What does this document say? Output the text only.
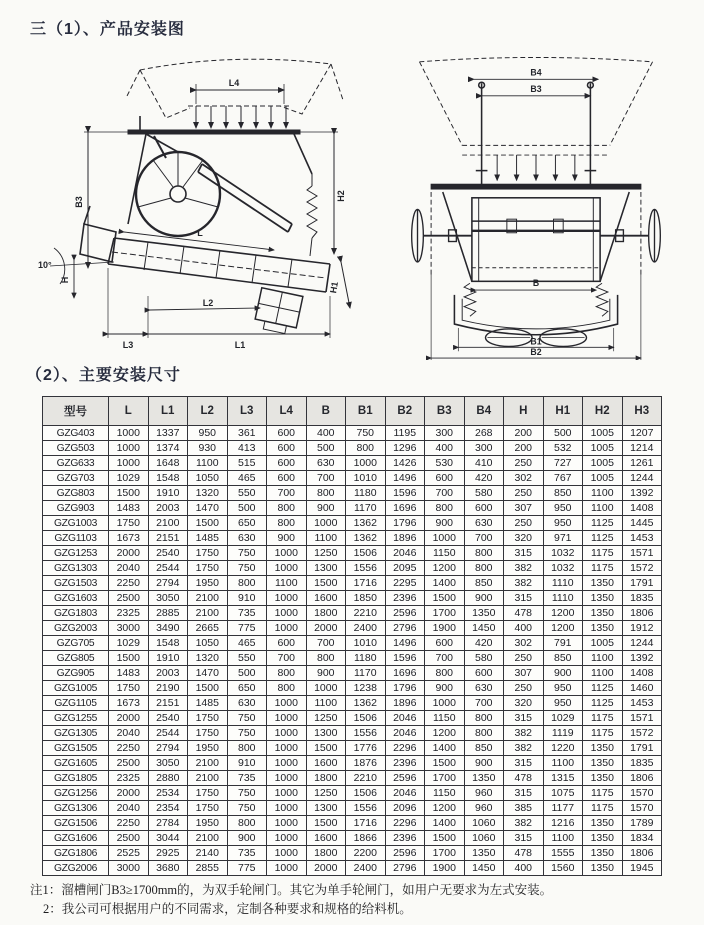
三（1）、产品安装图
L4
B3
H2
H1
L
10°
H
L2
L3	L1
B4
B3
B
B1
B2
（2）、主要安装尺寸
型号	L	L1	L2	L3	L4	B	B1	B2	B3	B4	H	H1	H2	H3
GZG403	1000	1337	950	361	600	400	750	1195	300	268	200	500	1005	1207
GZG503	1000	1374	930	413	600	500	800	1296	400	300	200	532	1005	1214
GZG633	1000	1648	1100	515	600	630	1000	1426	530	410	250	727	1005	1261
GZG703	1029	1548	1050	465	600	700	1010	1496	600	420	302	767	1005	1244
GZG803	1500	1910	1320	550	700	800	1180	1596	700	580	250	850	1100	1392
GZG903	1483	2003	1470	500	800	900	1170	1696	800	600	307	950	1100	1408
GZG1003	1750	2100	1500	650	800	1000	1362	1796	900	630	250	950	1125	1445
GZG1103	1673	2151	1485	630	900	1100	1362	1896	1000	700	320	971	1125	1453
GZG1253	2000	2540	1750	750	1000	1250	1506	2046	1150	800	315	1032	1175	1571
GZG1303	2040	2544	1750	750	1000	1300	1556	2095	1200	800	382	1032	1175	1572
GZG1503	2250	2794	1950	800	1100	1500	1716	2295	1400	850	382	1110	1350	1791
GZG1603	2500	3050	2100	910	1000	1600	1850	2396	1500	900	315	1110	1350	1835
GZG1803	2325	2885	2100	735	1000	1800	2210	2596	1700	1350	478	1200	1350	1806
GZG2003	3000	3490	2665	775	1000	2000	2400	2796	1900	1450	400	1200	1350	1912
GZG705	1029	1548	1050	465	600	700	1010	1496	600	420	302	791	1005	1244
GZG805	1500	1910	1320	550	700	800	1180	1596	700	580	250	850	1100	1392
GZG905	1483	2003	1470	500	800	900	1170	1696	800	600	307	900	1100	1408
GZG1005	1750	2190	1500	650	800	1000	1238	1796	900	630	250	950	1125	1460
GZG1105	1673	2151	1485	630	1000	1100	1362	1896	1000	700	320	950	1125	1453
GZG1255	2000	2540	1750	750	1000	1250	1506	2046	1150	800	315	1029	1175	1571
GZG1305	2040	2544	1750	750	1000	1300	1556	2046	1200	800	382	1119	1175	1572
GZG1505	2250	2794	1950	800	1000	1500	1776	2296	1400	850	382	1220	1350	1791
GZG1605	2500	3050	2100	910	1000	1600	1876	2396	1500	900	315	1100	1350	1835
GZG1805	2325	2880	2100	735	1000	1800	2210	2596	1700	1350	478	1315	1350	1806
GZG1256	2000	2534	1750	750	1000	1250	1506	2046	1150	960	315	1075	1175	1570
GZG1306	2040	2354	1750	750	1000	1300	1556	2096	1200	960	385	1177	1175	1570
GZG1506	2250	2784	1950	800	1000	1500	1716	2296	1400	1060	382	1216	1350	1789
GZG1606	2500	3044	2100	900	1000	1600	1866	2396	1500	1060	315	1100	1350	1834
GZG1806	2525	2925	2140	735	1000	1800	2200	2596	1700	1350	478	1555	1350	1806
GZG2006	3000	3680	2855	775	1000	2000	2400	2796	1900	1450	400	1560	1350	1945

注1：溜槽闸门B3≥1700mm的，为双手轮闸门。其它为单手轮闸门，如用户无要求为左式安装。

2：我公司可根据用户的不同需求，定制各种要求和规格的给料机。
